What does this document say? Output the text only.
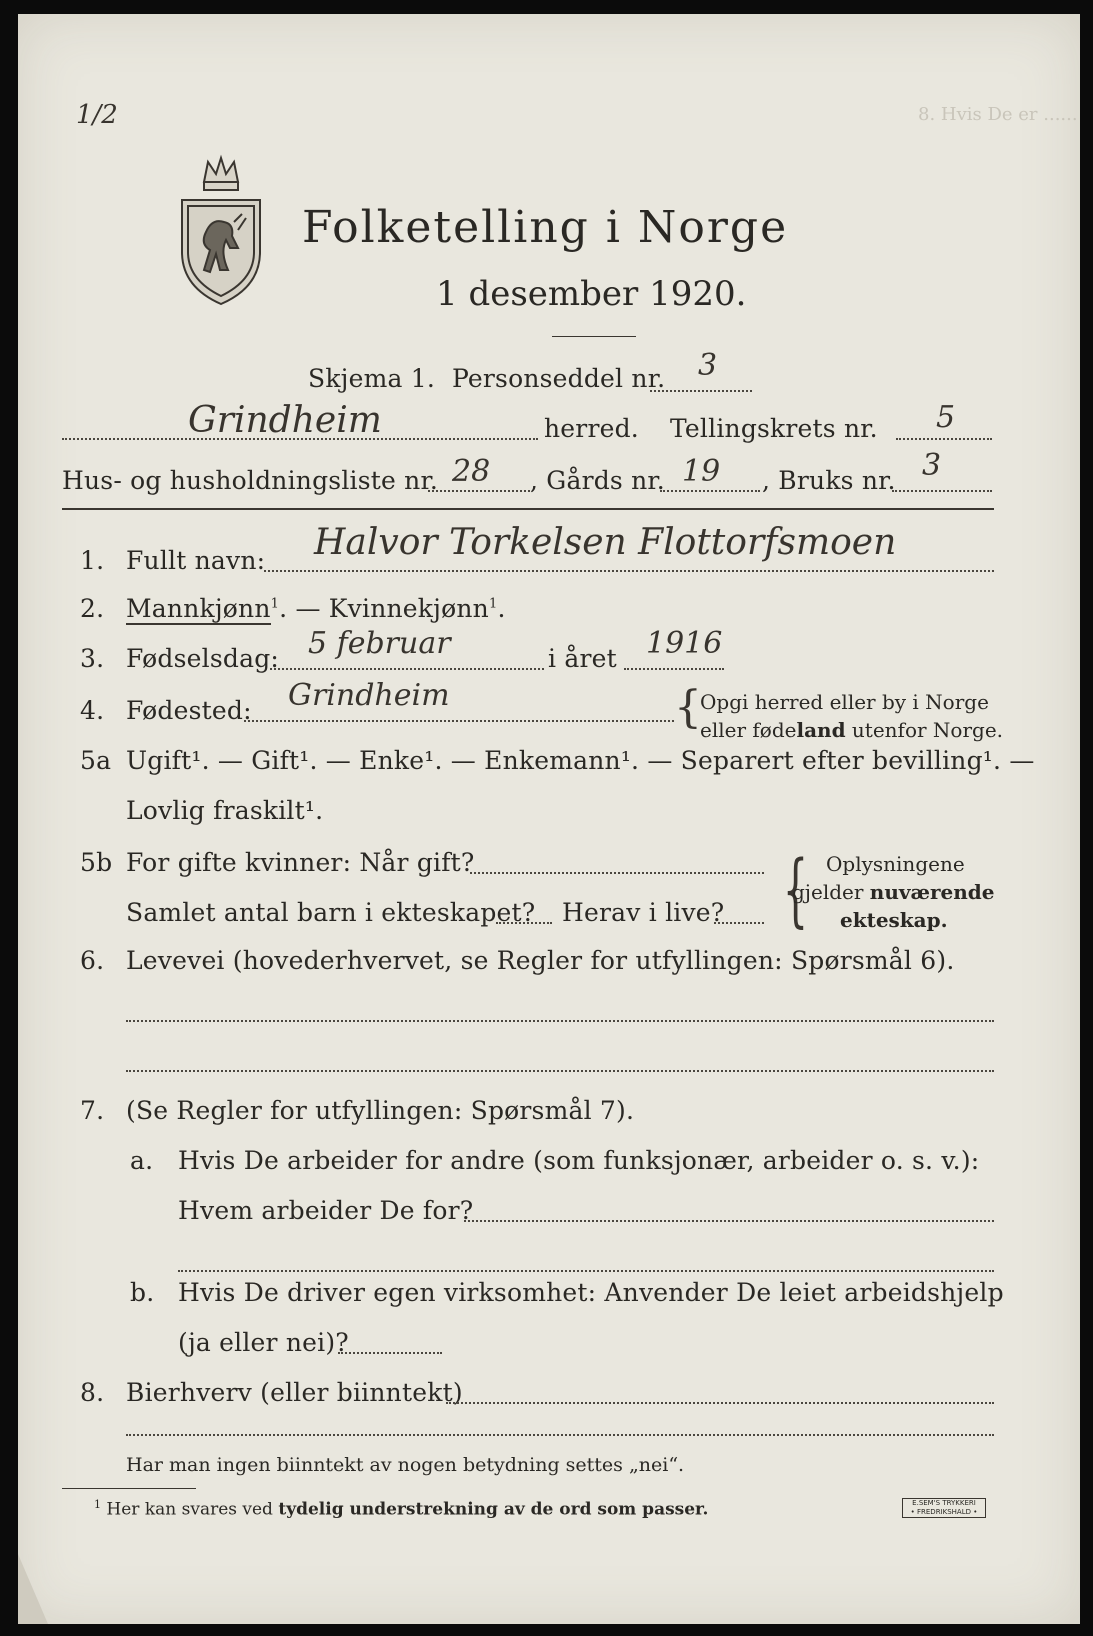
1/2
Folketelling i Norge
1 desember 1920.
8. Hvis De er ......
Skjema 1. Personseddel nr. 3
Grindheim	herred. Tellingskrets nr. 5
Hus- og husholdningsliste nr. 28 , Gårds nr. 19 , Bruks nr. 3
1. Fullt navn: Halvor Torkelsen Flottorfsmoen
2. Mannkjønn$^1$. — Kvinnekjønn$^1$.
3. Fødselsdag: 5 februar	i året 1916
4. Fødested: Grindheim	{
Opgi herred eller by i Norge
eller fødeland utenfor Norge.
5a Ugift¹. — Gift¹. — Enke¹. — Enkemann¹. — Separert efter bevilling¹. —
Lovlig fraskilt¹.
5b For gifte kvinner: Når gift?
Samlet antal barn i ekteskapet? Herav i live? { Oplysningene
gjelder nuværende
ekteskap.
6. Levevei (hovederhvervet, se Regler for utfyllingen: Spørsmål 6).
7. (Se Regler for utfyllingen: Spørsmål 7).
a. Hvis De arbeider for andre (som funksjonær, arbeider o. s. v.):
Hvem arbeider De for?
b. Hvis De driver egen virksomhet: Anvender De leiet arbeidshjelp
(ja eller nei)?
8. Bierhverv (eller biinntekt)
Har man ingen biinntekt av nogen betydning settes „nei“.
$^1$ Her kan svares ved tydelig understrekning av de ord som passer.	E.SEM'S TRYKKERI
• FREDRIKSHALD •
